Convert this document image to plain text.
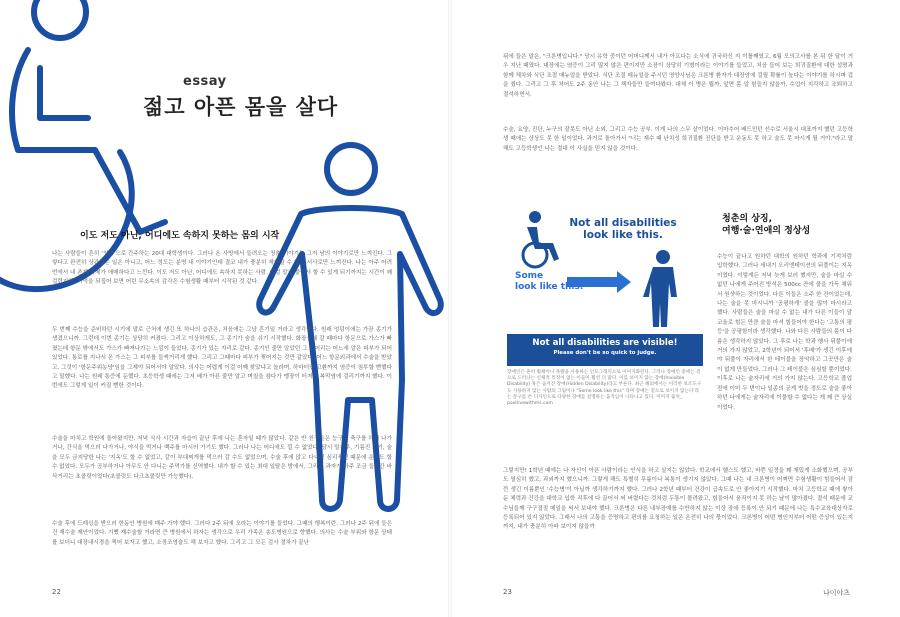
essay
젊고 아픈 몸을 살다
이도 저도 아닌, 어디에도 속하지 못하는 몸의 시작
나는 사람들이 흔히 '청춘'으로 간주하는 20대 대학생이다. 그러나 온 사방에서 들려오는 청춘 이야기는 그저 남의 이야기로만 느껴진다. 그렇다고 완전히 상관없는 일은 아니고, 어느 정도는 분명 내 이야기인데 결코 내가 충분히 체험할 수 없는 서사로만 느껴진다. 나는 아주 어려 먼에서 내 존재 자체가 애매하다고 느낀다. 이도 저도 아닌, 어디에도 속하지 못하는 사람. 이걸 말로 풀어서 할 수 있게 되기까지는 시간이 꽤 걸렸지만, 기억을 되짚어 보면 어린 무소속의 감각은 수험생활 때부터 시작된 것 같다.
두 번째 수능을 준비하던 시기에 말로 근처에 생긴 또 하나의 습관은, 처음에는 그냥 흔기일 거라고 생각했다. 원래 엉덩이에는 가끔 종기가 생겼으니까. 그런데 이번 종기는 상당히 커졌다. 그리고 이상하게도, 그 종기가 숨을 쉬기 시작했다. 화장실에 갈 때마다 항문으로 가스가 빠졌는데 항문 밖에서도 가스가 빠져나가는 느낌이 들었다. 종기가 있는 자리로 같다. 종기인 줄만 알았던 그 덩어리는 어느새 알은 피부가 되어 있었다. 통로를 지나서 온 가스는 그 피부를 들썩거리게 했다. 그리고 그때마다 피부가 찢어지는 것만 같았다. 어느 항문외과에서 수술을 받았고, 그것이 '항문주위농양'임을 그제야 되어서야 알았다. 의사는 어렵게 이걸 어째 찾았냐고 놀라며, 하마터면 고환까지 염증이 침투할 뻔했다고 말했다. 나는 원래 통증에 둔했다. 초등학생 때에는 그저 배가 아픈 줄만 알고 며칠을 참다가 맹장이 터져서 복막염에 걸리기까지 했다. 이번에도 그렇게 일이 커질 뻔한 것이다.
수술을 마치고 학원에 돌아왔지만, 저녁 식사 시간과 자습이 끝난 후에 나는 혼자일 때가 많았다. 같은 반 친구들은 능구나 축구를 하러 나가거나, 간식을 먹으러 나가거나, 야식을 먹거나 백주를 마시러 가기도 했다. 그러나 나는 어디에도 낄 수 없었다. 당시 밀가루, 기름진 고기, 술을 모두 금지당한 나는 '지옥'도 할 수 없었고, 같이 부대찌개를 먹으러 갈 수도 없었으며, 수술 후에 앉고 다니던 심리적인 때문에 운동도 할 수 없었다. 모두가 공부하거나 아무도 안 다니는 주먹가를 신역했다. 내가 할 수 있는 최대 일탈은 밤에서, 그리고 과자가 아주 조금 들어간 바삭거리는 초콜릿이었다(초콜릿도 다크초콜릿만 가능했다).
수술 후에 드레싱을 받으러 한동안 병원에 매주 가야 했다. 그러다 2주 뒤에 오라는 이야기를 들었다. 그때의 행복이란. 그러나 2주 뒤에 들은 건 재수술 제안이었다. 기뻤 재수술할 거라면 큰 병원에서 하자는 생각으로 우리 가족은 송도병원으로 향했다. 의사는 수술 부위와 항문 상태를 보더니 대장내시경을 찍어 보자고 했고, 소장조영술도 해 보자고 했다. 그리고 그 모든 검사 절차가 끝난
22
뒤에 들은 말은, "크론병입니다." 당시 유학 중이던 어머니께서 내가 아프다는 소식에 귀국하신 지 이틀째였고, 6월 모의고사를 본 뒤 한 달이 거우 지난 때였다. 대장에는 염증이 그리 많지 않은 편이지만 소장이 상당히 기형이라는 이야기를 들었고, 처음 들어 보는 희귀질환에 대한 설명과 함께 체차와 식단 조절 매뉴얼을 받았다. 식단 조절 매뉴얼을 주시던 영양사님은 크론병 환자가 대장암에 걸릴 확률이 높다는 이야기를 하시며 겁을 줬다. 그리고 그 후 처어도 2주 동안 나는 그 책자들만 들여다봤다. 대체 이 병은 뭘까, 앞면 몸 알 힘들지 않을까, 수업이 지각하고 조퇴하고 결석하면서.
수술, 요양, 진단, 누구의 잘못도 아닌 소외, 그리고 수능 공부. 이게 나의 스무 살이었다. 이마추어 배드민턴 선수로 서울시 대표까지 했던 고등학생 때에는 상상도 못 한 일이었다. 과거로 돌아가서 "너는 재수 때 난치성 희귀질환 진단을 받고 운동도 못 하고 술도 못 마시게 될 거야."라고 말해도 고등학생인 나는 절대 이 사실을 믿지 않을 것이다.
Not all disabilities
look like this.
Some
look like this.
Not all disabilities are visible!
Please don't be so quick to judge.
장애인은 흔히 휠체어나 목발을 사용하는 인포그래픽으로 이미지화된다. 그러나 장애인 중에는 겉으로 드러나는 신체적 특징이 없는 이들이 훨씬 더 많다. 이를 보이지 않는 장애(Invisible Disability) 혹은 숨겨진 장애(Hidden Disability)라고 부른다. 최근 해외에서는 이러한 보조도구도 사용하지 않는 사람의 그림이나 "Some look like this" 라며 장애는 겉으로 보이지 않는다'라는 문구를 쓴 디자인으로 다양한 장애를 설명하는 움직임이 나타나고 있다. 이미지 출처_ positivewithms.com
청춘의 상징,
여행·술·연애의 정상성
수능이 끝나고 원하던 대학의 원하던 학과에 기적처럼 입학했다. 그러나 새내기 오리엔테이션의 뒤풀이는 지옥이었다. 이렇게든 저녁 늦게 보러 했지만, 술을 마실 수 없던 나에게 주어진 방석은 500cc 잔에 콜을 가득 채워서 원샷하는 것이었다. 다른 이들은 소주 한 잔이었는데, 나는 술을 못 마시니까 '공평하게' 콜을 많이 마시라고 했다. 사람들은 술을 마실 수 없는 내가 다른 이들이 알코올로 힘든 만큼 술을 마셔 힘들어야 한다는 '고통의 평등'을 공평함이라 생각했다. 나와 다른 사람들의 몸이 다름은 생각하지 않았다. 그 후로 나는 학과 행사 뒤풀이에 거의 가지 않았고, 2학년이 되어서 '후배'가 생긴 이후에야 뒤풀이 자리에서 한 테이블을 장악하고 그곳만은 술이 없게 만들었다. 그러나 그 테이블은 심심할 뿐이었다. 이후로 나는 술자리에 거의 가지 않는다. 고등학교 졸업 전에 이미 두 번이나 일종의 궁게 벗을 정도로 술을 좋아하던 나에게는 술자리에 이물할 수 없다는 게 꽤 큰 상실이었다.
그렇지만! 1학년 때에는 나 자신이 아픈 사람이라는 인식을 하고 살지는 않았다. 학교에서 헬스도 했고, 바쁜 일정을 꽤 재밌게 소화했으며, 공부도 열심히 했고, 과외까지 했으니까. 그렇게 해도 특별히 무릎이나 복통이 생기지 않았다. 그때 나는 내 크론병이 어쩌면 수험생활이 힘들어서 잠깐 생긴 이름뿐인 '수능병'이 아닐까 생각하기까지 했다. 그러나 2학년 때부터 건강이 급속도로 안 좋아지기 시작했다. 마치 고등학교 때에 쌓아둔 체력과 건강을 대학교 입학 직후에 다 끌어서 써 버렸다는 것처럼 두통이 몰려왔고, 힘들어서 움직이지 못 하는 날이 많아졌다. 결석 때문에 교수님들께 구구절절 메일을 써서 보내야 했다. 크론병은 다른 내부장애를 수반하지 않는 이상 장애 등록이 안 되기 때문에 나는 특수교육대상자로 등록되어 있지 않았다. 그래서 나의 고통을 증명하고 편의를 요청하는 일은 온전히 나의 몫이었다. 크론병이 어떤 병인지부터 어떤 증상이 있는지까지, 내가 충분히 아파 보이지 않을까
23	나이야츠
